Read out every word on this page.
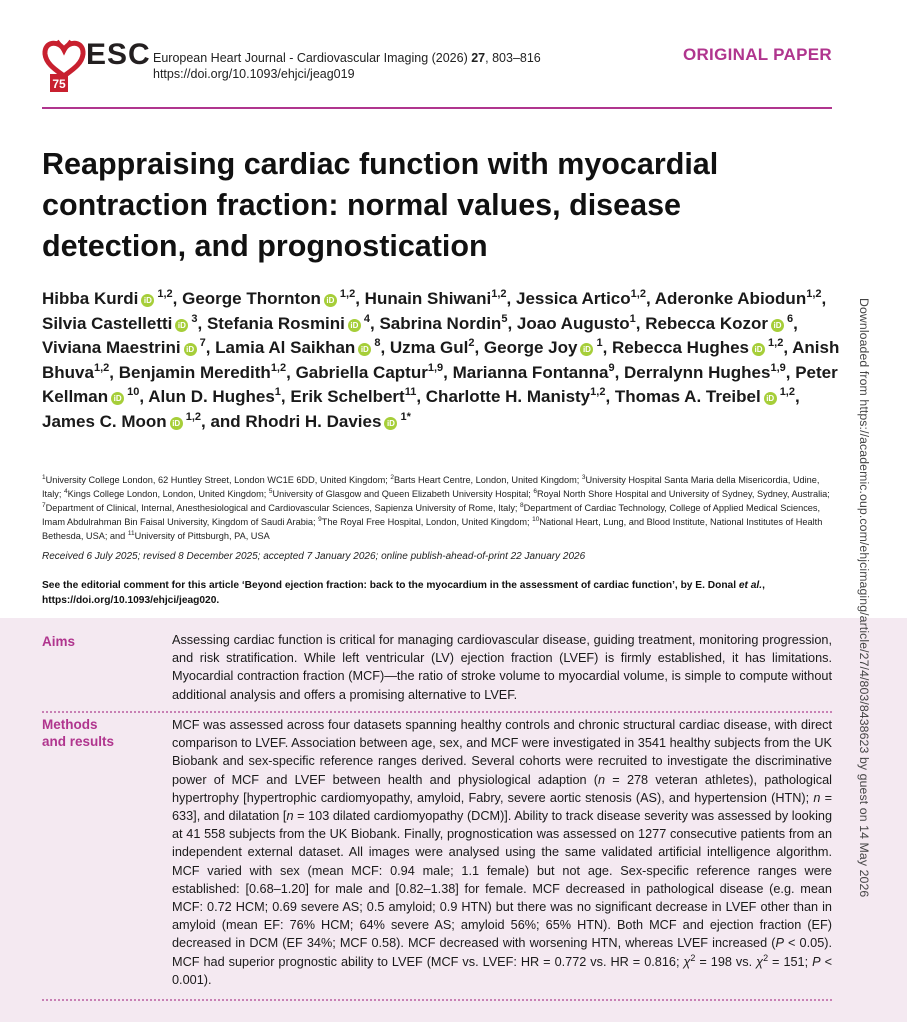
75
ESC European Heart Journal - Cardiovascular Imaging (2026) 27, 803–816
https://doi.org/10.1093/ehjci/jeag019
ORIGINAL PAPER
Reappraising cardiac function with myocardial contraction fraction: normal values, disease detection, and prognostication
Hibba Kurdi iD$^{1,2}$, George Thornton iD$^{1,2}$, Hunain Shiwani$^{1,2}$, Jessica Artico$^{1,2}$, Aderonke Abiodun$^{1,2}$, Silvia Castelletti $iD^3$, Stefania Rosmini $iD^4$, Sabrina Nordin$^5$, Joao Augusto$^1$, Rebecca Kozor $iD^6$, Viviana Maestrini $iD^7$, Lamia Al Saikhan $iD^8$, Uzma Gul$^2$, George Joy $iD^1$, Rebecca Hughes iD$^{1,2}$, Anish Bhuva$^{1,2}$, Benjamin Meredith$^{1,2}$, Gabriella Captur$^{1,9}$, Marianna Fontanna$^9$, Derralynn Hughes$^{1,9}$, Peter Kellman $iD^{10}$, Alun D. Hughes$^1$, Erik Schelbert$^{11}$, Charlotte H. Manisty$^{1,2}$, Thomas A. Treibel iD$^{1,2}$, James C. Moon iD$^{1,2}$, and Rhodri H. Davies $iD^{1*}$
$^1$University College London, 62 Huntley Street, London WC1E 6DD, United Kingdom; $^2$Barts Heart Centre, London, United Kingdom; $^3$University Hospital Santa Maria della Misericordia, Udine, Italy; $^4$Kings College London, London, United Kingdom; $^5$University of Glasgow and Queen Elizabeth University Hospital; $^6$Royal North Shore Hospital and University of Sydney, Sydney, Australia; $^7$Department of Clinical, Internal, Anesthesiological and Cardiovascular Sciences, Sapienza University of Rome, Italy; $^8$Department of Cardiac Technology, College of Applied Medical Sciences, Imam Abdulrahman Bin Faisal University, Kingdom of Saudi Arabia; $^9$The Royal Free Hospital, London, United Kingdom; $^{10}$National Heart, Lung, and Blood Institute, National Institutes of Health Bethesda, USA; and $^{11}$University of Pittsburgh, PA, USA
Received 6 July 2025; revised 8 December 2025; accepted 7 January 2026; online publish-ahead-of-print 22 January 2026
See the editorial comment for this article ‘Beyond ejection fraction: back to the myocardium in the assessment of cardiac function’, by E. Donal et al., https://doi.org/10.1093/ehjci/jeag020.
Aims	Assessing cardiac function is critical for managing cardiovascular disease, guiding treatment, monitoring progression, and risk stratification. While left ventricular (LV) ejection fraction (LVEF) is firmly established, it has limitations. Myocardial contraction fraction (MCF)—the ratio of stroke volume to myocardial volume, is simple to compute without additional analysis and offers a promising alternative to LVEF.
Methods
and results
MCF was assessed across four datasets spanning healthy controls and chronic structural cardiac disease, with direct comparison to LVEF. Association between age, sex, and MCF were investigated in 3541 healthy subjects from the UK Biobank and sex-specific reference ranges derived. Several cohorts were recruited to investigate the discriminative power of MCF and LVEF between health and physiological adaption (n = 278 veteran athletes), pathological hypertrophy [hypertrophic cardiomyopathy, amyloid, Fabry, severe aortic stenosis (AS), and hypertension (HTN); n = 633], and dilatation [n = 103 dilated cardiomyopathy (DCM)]. Ability to track disease severity was assessed by looking at 41 558 subjects from the UK Biobank. Finally, prognostication was assessed on 1277 consecutive patients from an independent external dataset. All images were analysed using the same validated artificial intelligence algorithm. MCF varied with sex (mean MCF: 0.94 male; 1.1 female) but not age. Sex-specific reference ranges were established: [0.68–1.20] for male and [0.82–1.38] for female. MCF decreased in pathological disease (e.g. mean MCF: 0.72 HCM; 0.69 severe AS; 0.5 amyloid; 0.9 HTN) but there was no significant decrease in LVEF other than in amyloid (mean EF: 76% HCM; 64% severe AS; amyloid 56%; 65% HTN). Both MCF and ejection fraction (EF) decreased in DCM (EF 34%; MCF 0.58). MCF decreased with worsening HTN, whereas LVEF increased (P < 0.05). MCF had superior prognostic ability to LVEF (MCF vs. LVEF: HR = 0.772 vs. HR = 0.816; $\chi^2 = 198$ vs. $\chi^2 = 151$; P < 0.001).
Downloaded from https://academic.oup.com/ehjcimaging/article/27/4/803/8438623 by guest on 14 May 2026
